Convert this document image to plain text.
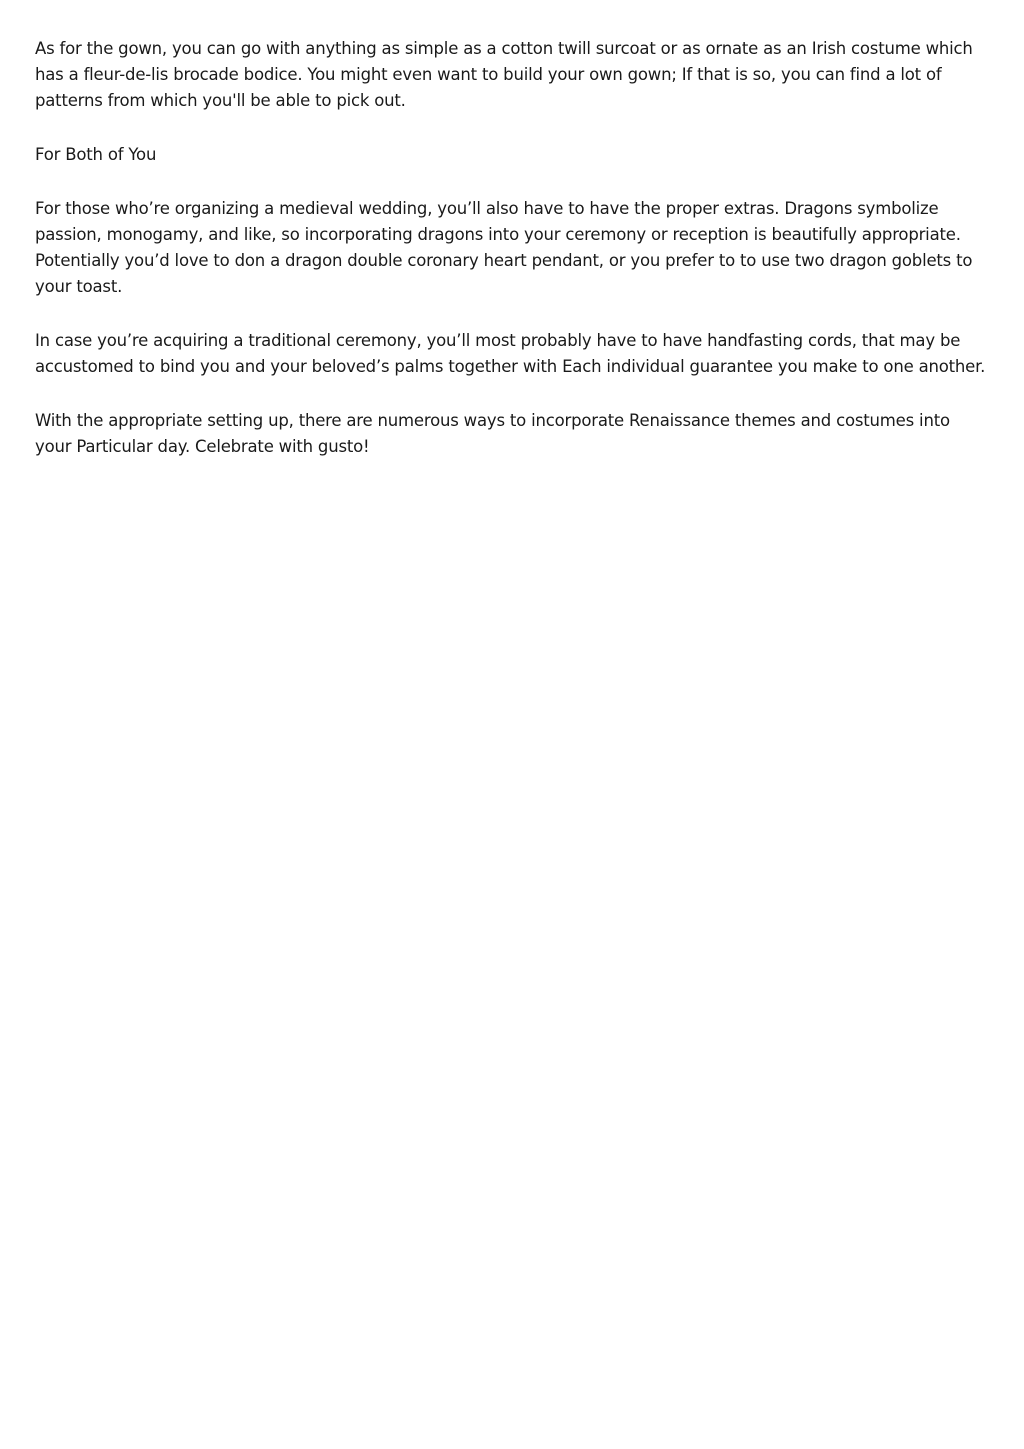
As for the gown, you can go with anything as simple as a cotton twill surcoat or as ornate as an Irish costume which has a fleur-de-lis brocade bodice. You might even want to build your own gown; If that is so, you can find a lot of patterns from which you'll be able to pick out.

For Both of You

For those who’re organizing a medieval wedding, you’ll also have to have the proper extras. Dragons symbolize passion, monogamy, and like, so incorporating dragons into your ceremony or reception is beautifully appropriate. Potentially you’d love to don a dragon double coronary heart pendant, or you prefer to to use two dragon goblets to your toast.

In case you’re acquiring a traditional ceremony, you’ll most probably have to have handfasting cords, that may be accustomed to bind you and your beloved’s palms together with Each individual guarantee you make to one another.

With the appropriate setting up, there are numerous ways to incorporate Renaissance themes and costumes into your Particular day. Celebrate with gusto!
